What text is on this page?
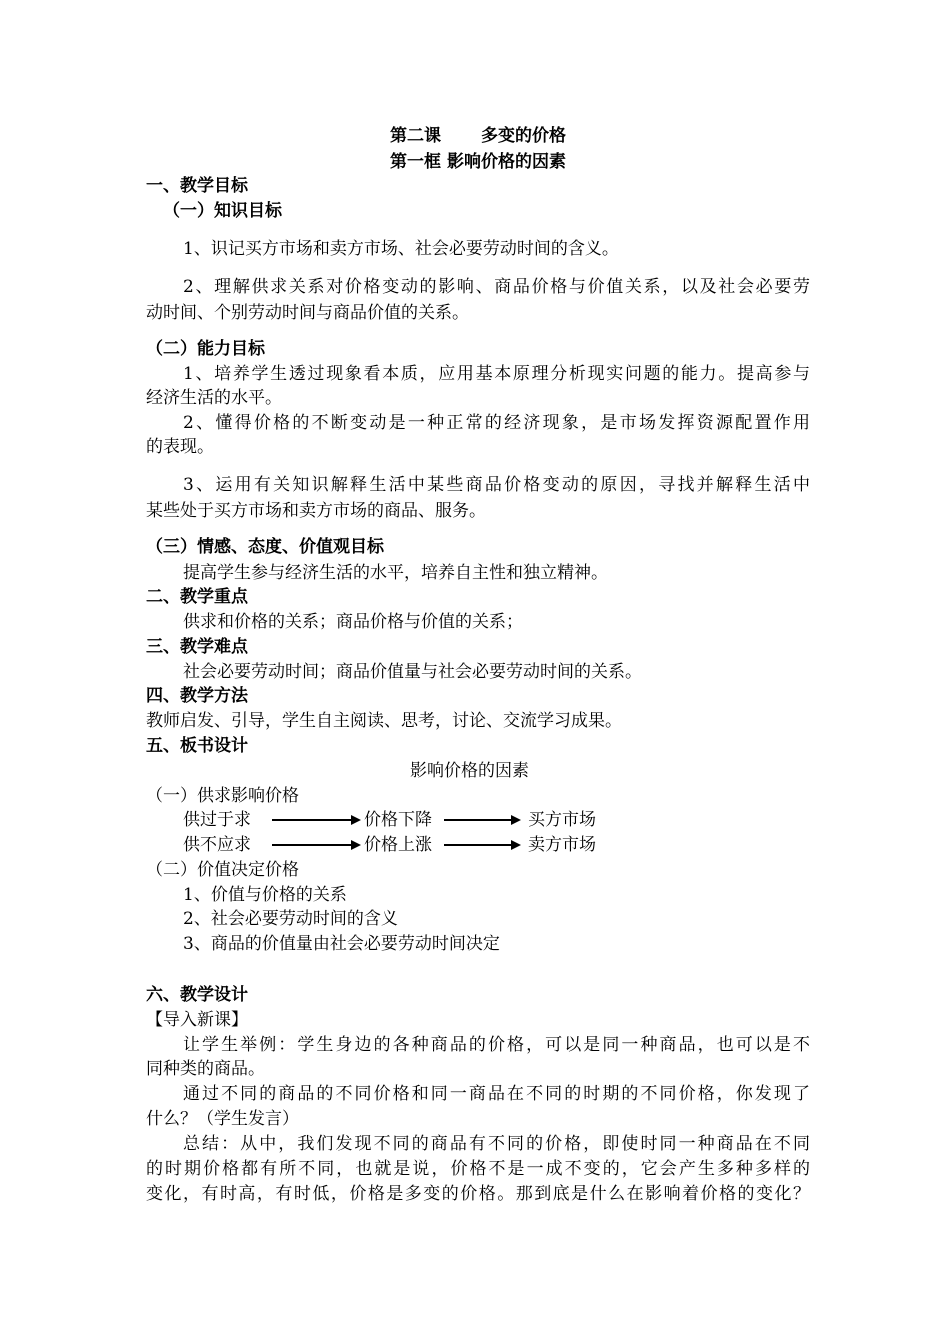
第二课 多变的价格
第一框 影响价格的因素
一、教学目标
（一）知识目标
1、识记买方市场和卖方市场、社会必要劳动时间的含义。
2、理解供求关系对价格变动的影响、商品价格与价值关系，以及社会必要劳
动时间、个别劳动时间与商品价值的关系。
（二）能力目标
1、培养学生透过现象看本质，应用基本原理分析现实问题的能力。提高参与
经济生活的水平。
2、懂得价格的不断变动是一种正常的经济现象，是市场发挥资源配置作用
的表现。
3、运用有关知识解释生活中某些商品价格变动的原因，寻找并解释生活中
某些处于买方市场和卖方市场的商品、服务。
（三）情感、态度、价值观目标
提高学生参与经济生活的水平，培养自主性和独立精神。
二、教学重点
供求和价格的关系；商品价格与价值的关系；
三、教学难点
社会必要劳动时间；商品价值量与社会必要劳动时间的关系。
四、教学方法
教师启发、引导，学生自主阅读、思考，讨论、交流学习成果。
五、板书设计
影响价格的因素
（一）供求影响价格
供过于求	价格下降	买方市场
供不应求	价格上涨	卖方市场
（二）价值决定价格
1、价值与价格的关系
2、社会必要劳动时间的含义
3、商品的价值量由社会必要劳动时间决定
六、教学设计
【导入新课】
让学生举例：学生身边的各种商品的价格，可以是同一种商品，也可以是不
同种类的商品。
通过不同的商品的不同价格和同一商品在不同的时期的不同价格，你发现了
什么？（学生发言）
总结：从中，我们发现不同的商品有不同的价格，即使时同一种商品在不同
的时期价格都有所不同，也就是说，价格不是一成不变的，它会产生多种多样的
变化，有时高，有时低，价格是多变的价格。那到底是什么在影响着价格的变化？
